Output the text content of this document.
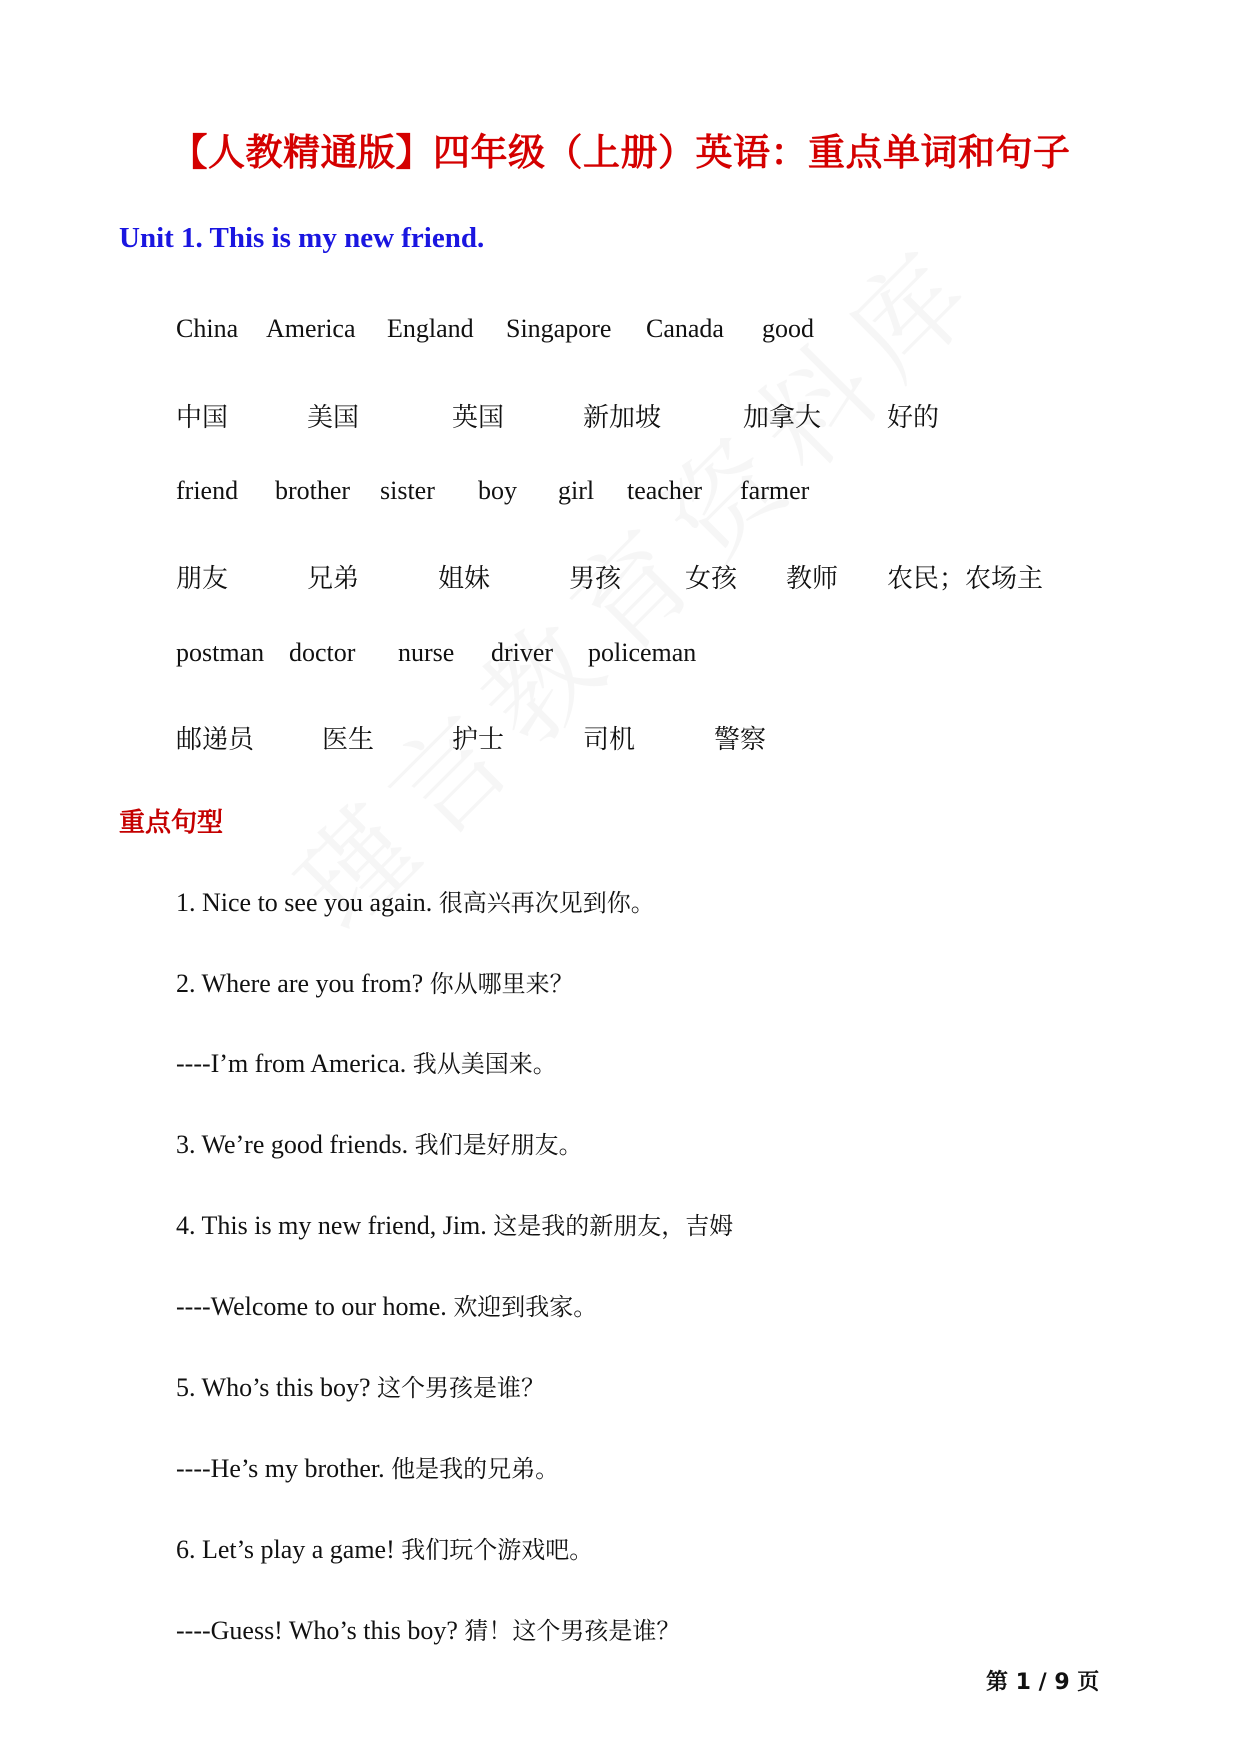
【人教精通版】四年级（上册）英语：重点单词和句子
Unit 1. This is my new friend.
China America England Singapore Canada good
中国	美国	英国	新加坡	加拿大	好的
friend brother sister boy girl teacher farmer
朋友	兄弟	姐妹	男孩 女孩 教师 农民；农场主
postman doctor nurse driver policeman
邮递员	医生	护士	司机	警察
重点句型
1. Nice to see you again. 很高兴再次见到你。
2. Where are you from? 你从哪里来？
----I’m from America. 我从美国来。
3. We’re good friends. 我们是好朋友。
4. This is my new friend, Jim. 这是我的新朋友，吉姆
----Welcome to our home. 欢迎到我家。
5. Who’s this boy? 这个男孩是谁？
----He’s my brother. 他是我的兄弟。
6. Let’s play a game! 我们玩个游戏吧。
----Guess! Who’s this boy? 猜！这个男孩是谁？
第 1 / 9 页
